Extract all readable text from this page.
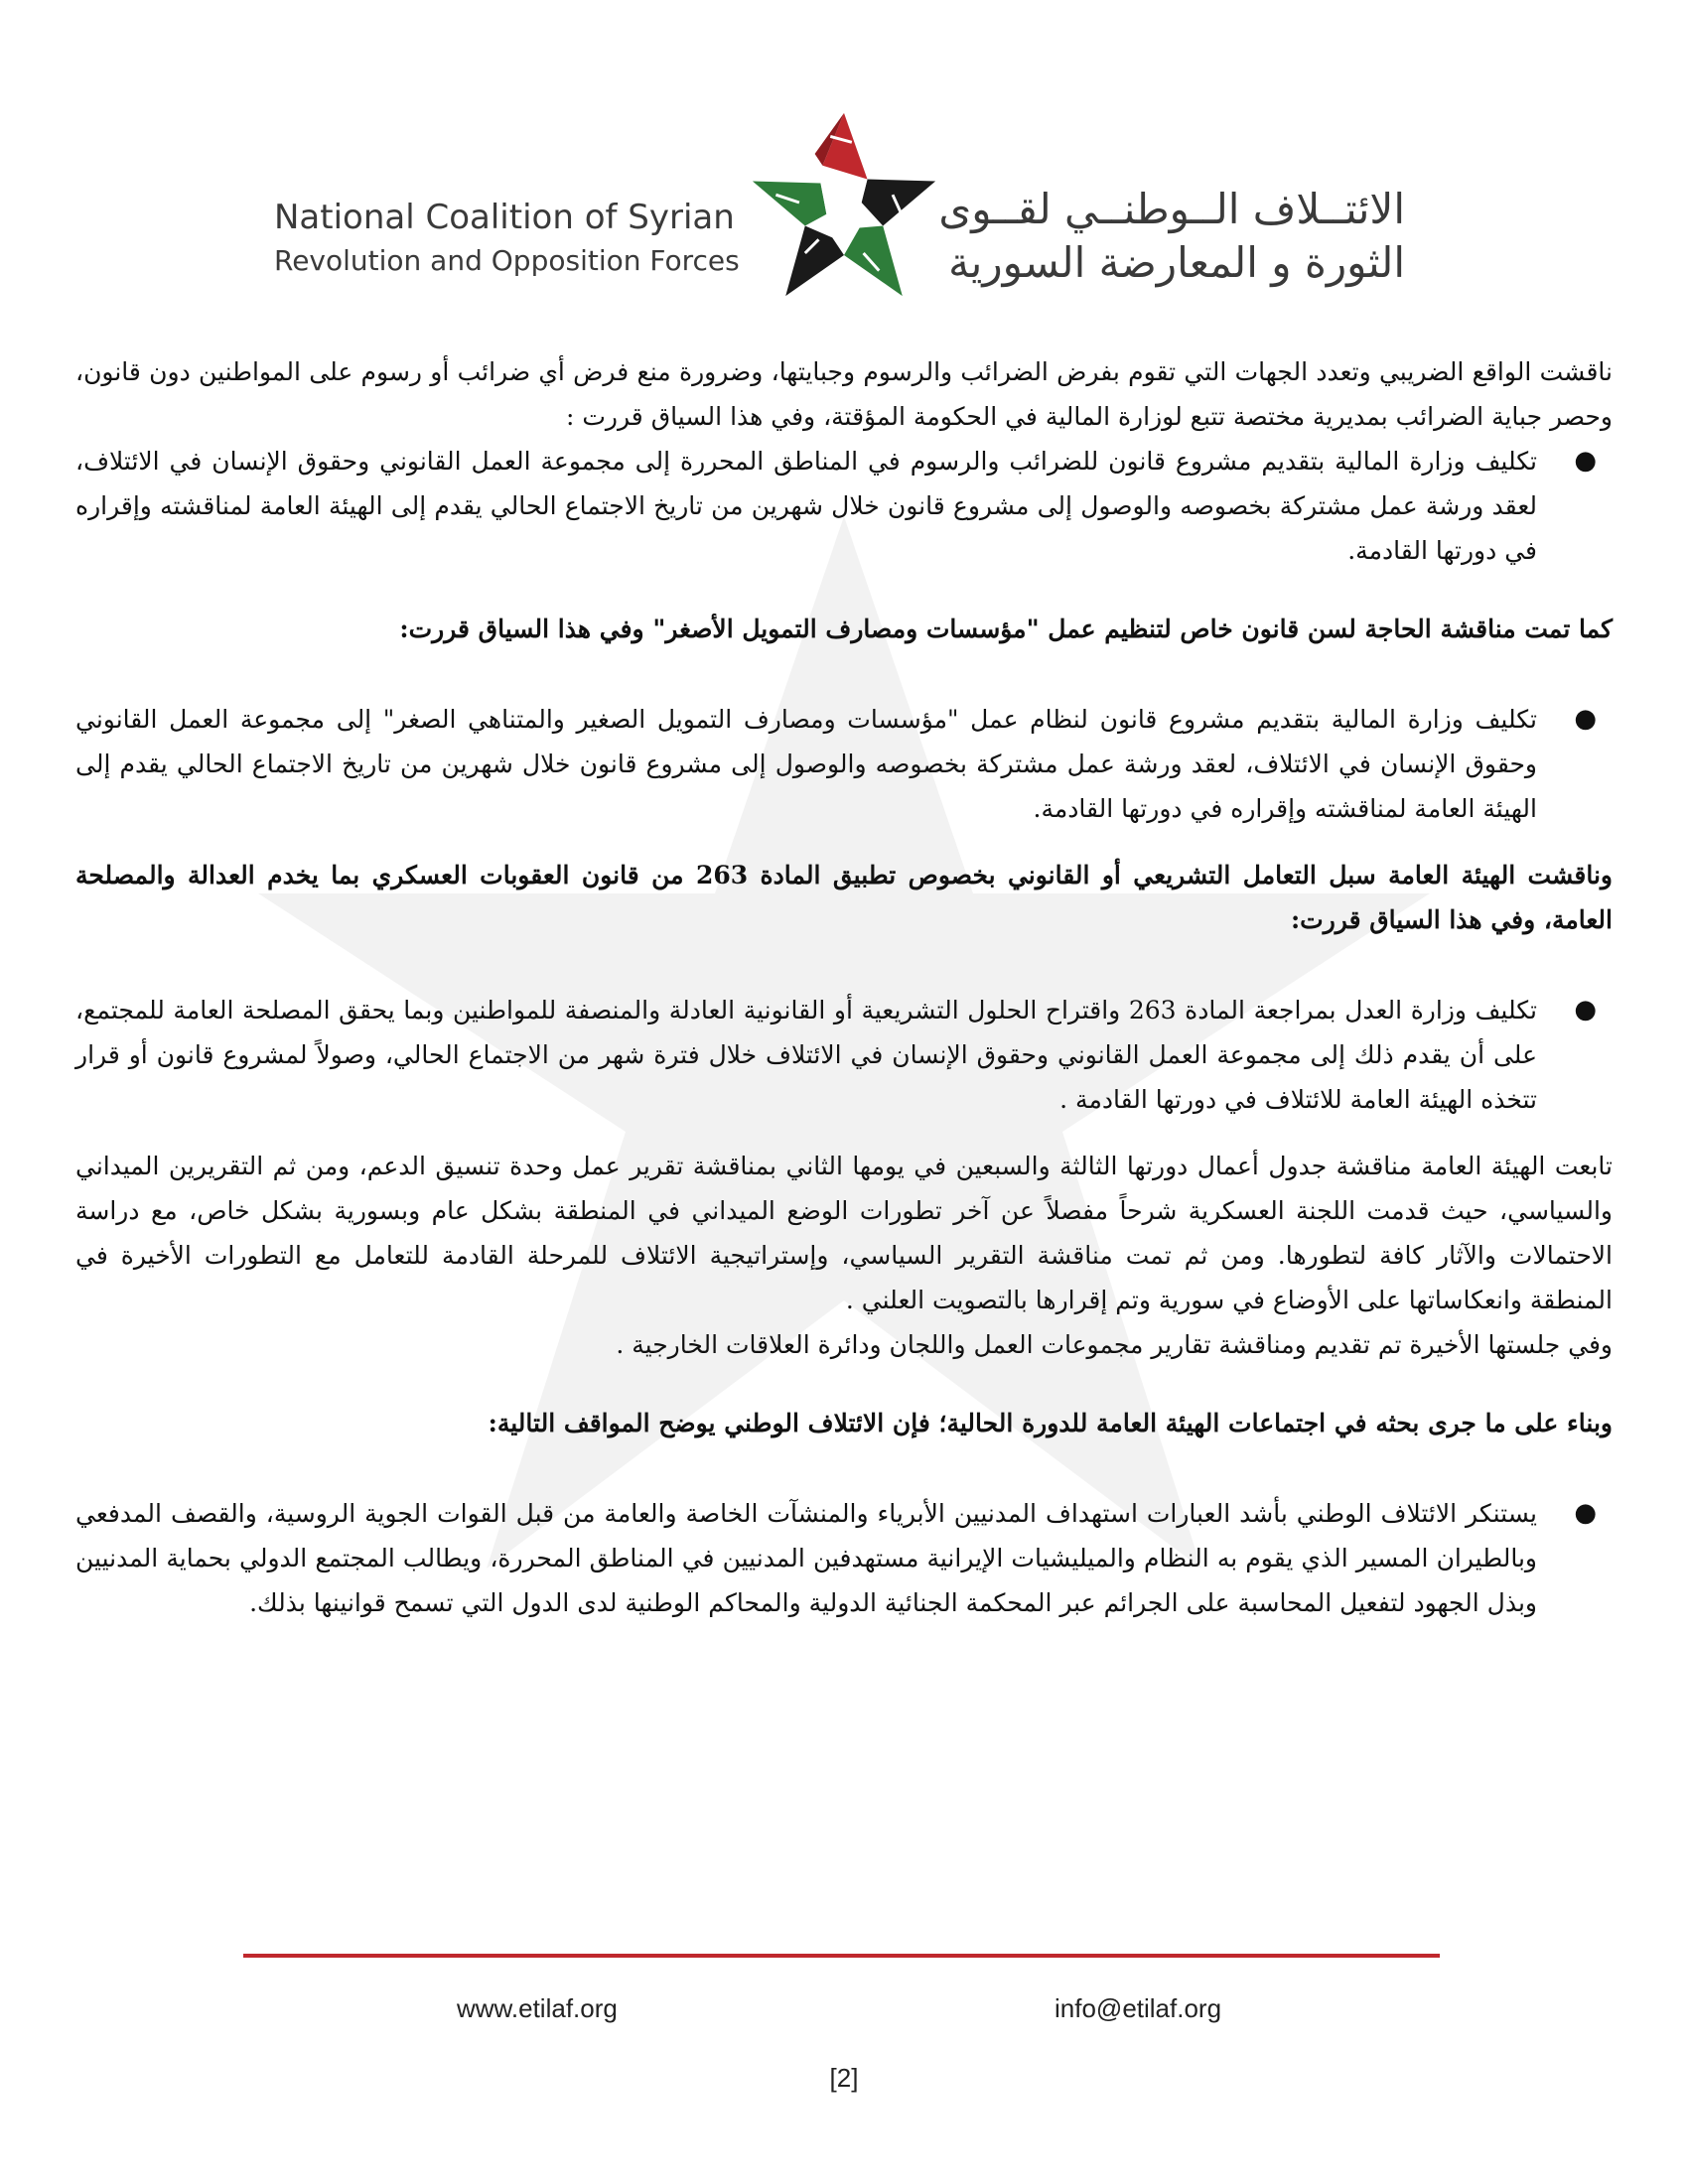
National Coalition of Syrian
Revolution and Opposition Forces
الائتــلاف الــوطنــي لقــوى
الثورة و المعارضة السورية

ناقشت الواقع الضريبي وتعدد الجهات التي تقوم بفرض الضرائب والرسوم وجبايتها، وضرورة منع فرض أي ضرائب أو رسوم على المواطنين دون قانون، وحصر جباية الضرائب بمديرية مختصة تتبع لوزارة المالية في الحكومة المؤقتة، وفي هذا السياق قررت :

●
تكليف وزارة المالية بتقديم مشروع قانون للضرائب والرسوم في المناطق المحررة إلى مجموعة العمل القانوني وحقوق الإنسان في الائتلاف، لعقد ورشة عمل مشتركة بخصوصه والوصول إلى مشروع قانون خلال شهرين من تاريخ الاجتماع الحالي يقدم إلى الهيئة العامة لمناقشته وإقراره في دورتها القادمة.

كما تمت مناقشة الحاجة لسن قانون خاص لتنظيم عمل "مؤسسات ومصارف التمويل الأصغر" وفي هذا السياق قررت:

●
تكليف وزارة المالية بتقديم مشروع قانون لنظام عمل "مؤسسات ومصارف التمويل الصغير والمتناهي الصغر" إلى مجموعة العمل القانوني وحقوق الإنسان في الائتلاف، لعقد ورشة عمل مشتركة بخصوصه والوصول إلى مشروع قانون خلال شهرين من تاريخ الاجتماع الحالي يقدم إلى الهيئة العامة لمناقشته وإقراره في دورتها القادمة.

وناقشت الهيئة العامة سبل التعامل التشريعي أو القانوني بخصوص تطبيق المادة 263 من قانون العقوبات العسكري بما يخدم العدالة والمصلحة العامة، وفي هذا السياق قررت:

●
تكليف وزارة العدل بمراجعة المادة 263 واقتراح الحلول التشريعية أو القانونية العادلة والمنصفة للمواطنين وبما يحقق المصلحة العامة للمجتمع، على أن يقدم ذلك إلى مجموعة العمل القانوني وحقوق الإنسان في الائتلاف خلال فترة شهر من الاجتماع الحالي، وصولاً لمشروع قانون أو قرار تتخذه الهيئة العامة للائتلاف في دورتها القادمة .

تابعت الهيئة العامة مناقشة جدول أعمال دورتها الثالثة والسبعين في يومها الثاني بمناقشة تقرير عمل وحدة تنسيق الدعم، ومن ثم التقريرين الميداني والسياسي، حيث قدمت اللجنة العسكرية شرحاً مفصلاً عن آخر تطورات الوضع الميداني في المنطقة بشكل عام وبسورية بشكل خاص، مع دراسة الاحتمالات والآثار كافة لتطورها. ومن ثم تمت مناقشة التقرير السياسي، وإستراتيجية الائتلاف للمرحلة القادمة للتعامل مع التطورات الأخيرة في المنطقة وانعكاساتها على الأوضاع في سورية وتم إقرارها بالتصويت العلني .

وفي جلستها الأخيرة تم تقديم ومناقشة تقارير مجموعات العمل واللجان ودائرة العلاقات الخارجية .

وبناء على ما جرى بحثه في اجتماعات الهيئة العامة للدورة الحالية؛ فإن الائتلاف الوطني يوضح المواقف التالية:

●
يستنكر الائتلاف الوطني بأشد العبارات استهداف المدنيين الأبرياء والمنشآت الخاصة والعامة من قبل القوات الجوية الروسية، والقصف المدفعي وبالطيران المسير الذي يقوم به النظام والميليشيات الإيرانية مستهدفين المدنيين في المناطق المحررة، ويطالب المجتمع الدولي بحماية المدنيين وبذل الجهود لتفعيل المحاسبة على الجرائم عبر المحكمة الجنائية الدولية والمحاكم الوطنية لدى الدول التي تسمح قوانينها بذلك.
www.etilaf.org	info@etilaf.org
[2]
